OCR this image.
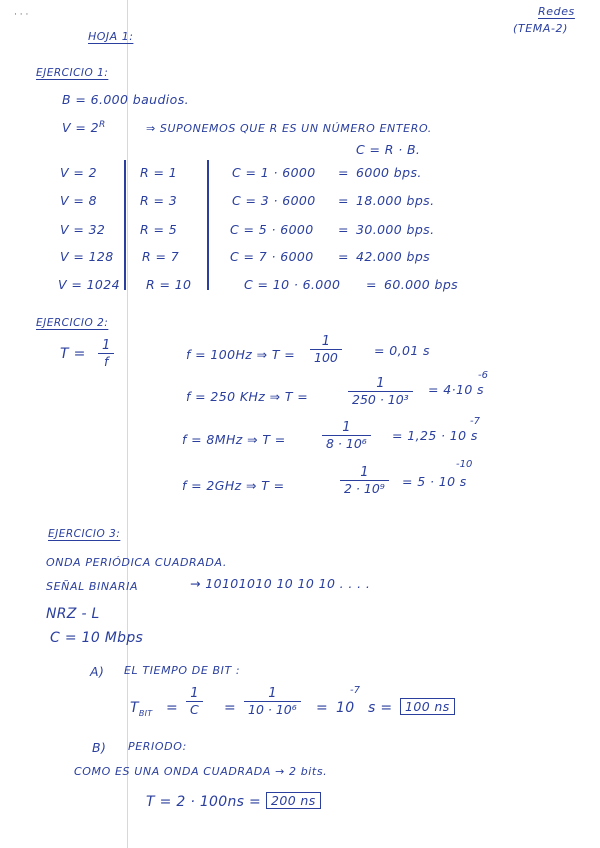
· · ·
HOJA 1:
Redes
(TEMA-2)
EJERCICIO 1:
B = 6.000 baudios.
$V = 2^R$	⇒ SUPONEMOS QUE R ES UN NÚMERO ENTERO.
C = R · B.
V = 2	R = 1	C = 1 · 6000 = 6000 bps.
V = 8	R = 3	C = 3 · 6000 = 18.000 bps.
V = 32	R = 5	C = 5 · 6000 = 30.000 bps.
V = 128 R = 7	C = 7 · 6000 = 42.000 bps
V = 1024 R = 10	C = 10 · 6.000 = 60.000 bps
EJERCICIO 2:
T =
1
f	f = 100Hz ⇒ T =
1
100	= 0,01 s
f = 250 KHz ⇒ T =
1
250 · 10³
= 4·10 s
-6
f = 8MHz ⇒ T =
1
8 · 10⁶
= 1,25 · 10 s
-7
f = 2GHz ⇒ T =
1
2 · 10⁹	= 5 · 10 s
-10
EJERCICIO 3:
ONDA PERIÓDICA CUADRADA.
SEÑAL BINARIA	→ 10101010 10 10 10 . . . .
NRZ - L
C = 10 Mbps
A) EL TIEMPO DE BIT :
$T_{BIT}$ =
1
C =
1
10 · 10⁶ = 10
-7
s =	100 ns
B) PERIODO:
COMO ES UNA ONDA CUADRADA → 2 bits.
T = 2 · 100ns = 200 ns
